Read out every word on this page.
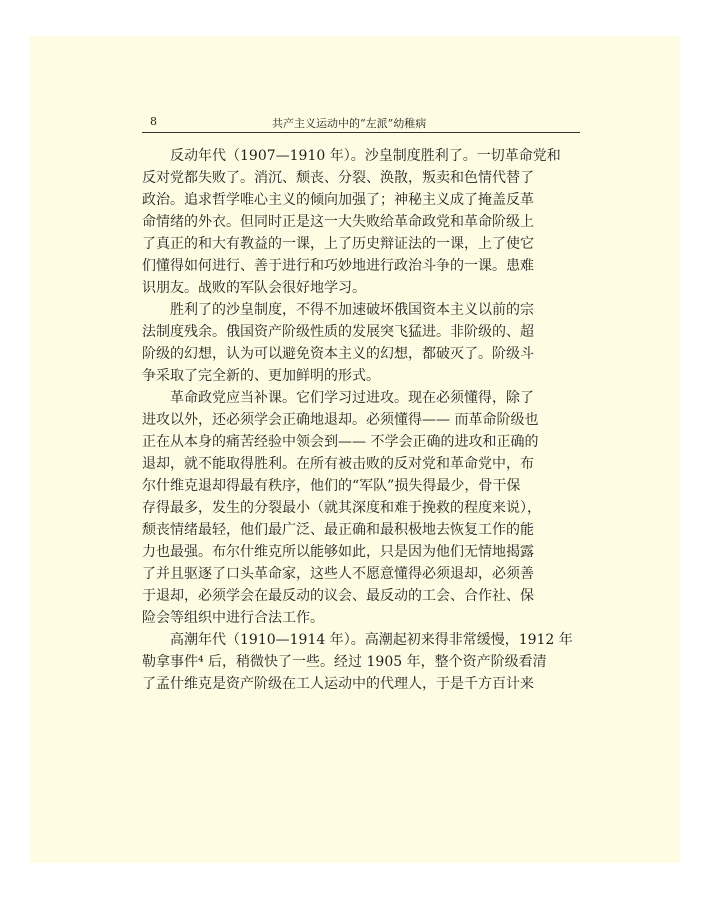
8	共产主义运动中的“左派”幼稚病
反动年代（1907—1910 年）。沙皇制度胜利了。一切革命党和
反对党都失败了。消沉、颓丧、分裂、涣散，叛卖和色情代替了
政治。追求哲学唯心主义的倾向加强了；神秘主义成了掩盖反革
命情绪的外衣。但同时正是这一大失败给革命政党和革命阶级上
了真正的和大有教益的一课，上了历史辩证法的一课，上了使它
们懂得如何进行、善于进行和巧妙地进行政治斗争的一课。患难
识朋友。战败的军队会很好地学习。
胜利了的沙皇制度，不得不加速破坏俄国资本主义以前的宗
法制度残余。俄国资产阶级性质的发展突飞猛进。非阶级的、超
阶级的幻想，认为可以避免资本主义的幻想，都破灭了。阶级斗
争采取了完全新的、更加鲜明的形式。
革命政党应当补课。它们学习过进攻。现在必须懂得，除了
进攻以外，还必须学会正确地退却。必须懂得—— 而革命阶级也
正在从本身的痛苦经验中领会到—— 不学会正确的进攻和正确的
退却，就不能取得胜利。在所有被击败的反对党和革命党中，布
尔什维克退却得最有秩序，他们的“军队”损失得最少，骨干保
存得最多，发生的分裂最小（就其深度和难于挽救的程度来说），
颓丧情绪最轻，他们最广泛、最正确和最积极地去恢复工作的能
力也最强。布尔什维克所以能够如此，只是因为他们无情地揭露
了并且驱逐了口头革命家，这些人不愿意懂得必须退却，必须善
于退却，必须学会在最反动的议会、最反动的工会、合作社、保
险会等组织中进行合法工作。
高潮年代（1910—1914 年）。高潮起初来得非常缓慢，1912 年
勒拿事件⁴ 后，稍微快了一些。经过 1905 年，整个资产阶级看清
了孟什维克是资产阶级在工人运动中的代理人，于是千方百计来
